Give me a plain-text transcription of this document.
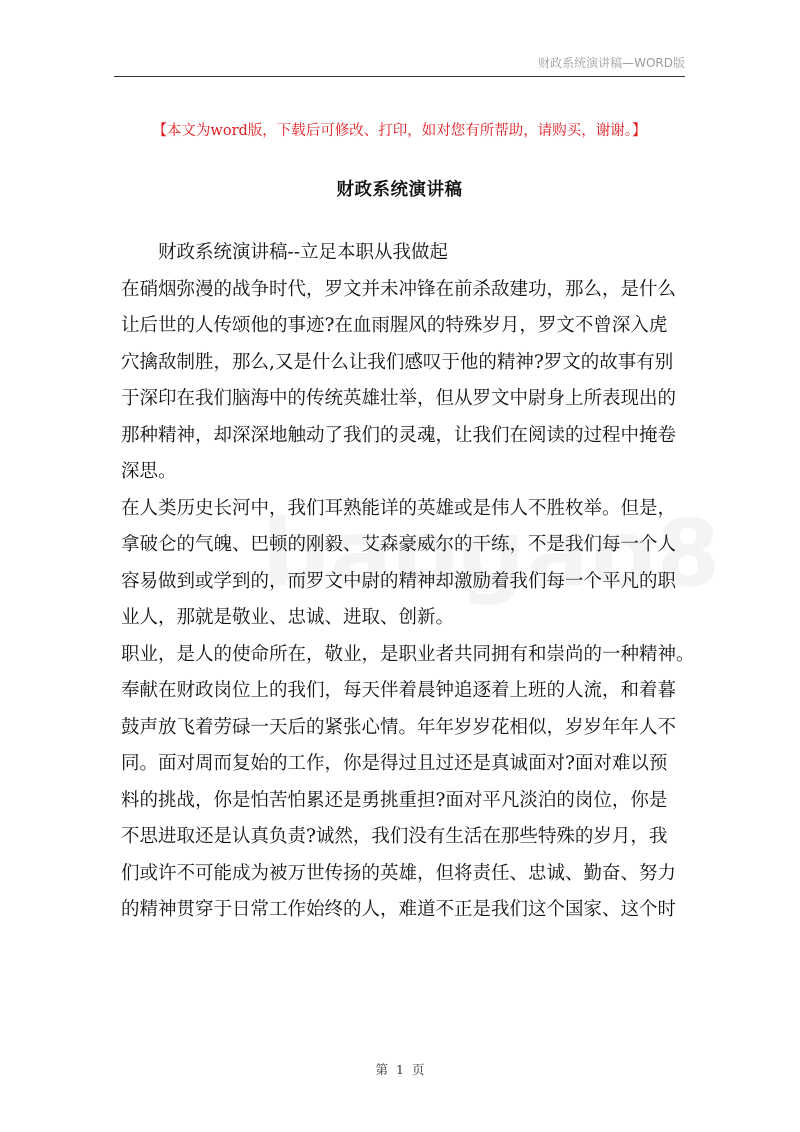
财政系统演讲稿—WORD版
【本文为word版，下载后可修改、打印，如对您有所帮助，请购买，谢谢。】
财政系统演讲稿
财政系统演讲稿--立足本职从我做起
在硝烟弥漫的战争时代，罗文并未冲锋在前杀敌建功，那么，是什么
让后世的人传颂他的事迹?在血雨腥风的特殊岁月，罗文不曾深入虎
穴擒敌制胜，那么,又是什么让我们感叹于他的精神?罗文的故事有别
于深印在我们脑海中的传统英雄壮举，但从罗文中尉身上所表现出的
那种精神，却深深地触动了我们的灵魂，让我们在阅读的过程中掩卷
深思。
在人类历史长河中，我们耳熟能详的英雄或是伟人不胜枚举。但是，
拿破仑的气魄、巴顿的刚毅、艾森豪威尔的干练，不是我们每一个人
容易做到或学到的，而罗文中尉的精神却激励着我们每一个平凡的职
业人，那就是敬业、忠诚、进取、创新。
职业，是人的使命所在，敬业，是职业者共同拥有和崇尚的一种精神。
奉献在财政岗位上的我们，每天伴着晨钟追逐着上班的人流，和着暮
鼓声放飞着劳碌一天后的紧张心情。年年岁岁花相似，岁岁年年人不
同。面对周而复始的工作，你是得过且过还是真诚面对?面对难以预
料的挑战，你是怕苦怕累还是勇挑重担?面对平凡淡泊的岗位，你是
不思进取还是认真负责?诚然，我们没有生活在那些特殊的岁月，我
们或许不可能成为被万世传扬的英雄，但将责任、忠诚、勤奋、努力
的精神贯穿于日常工作始终的人，难道不正是我们这个国家、这个时
第 1 页
